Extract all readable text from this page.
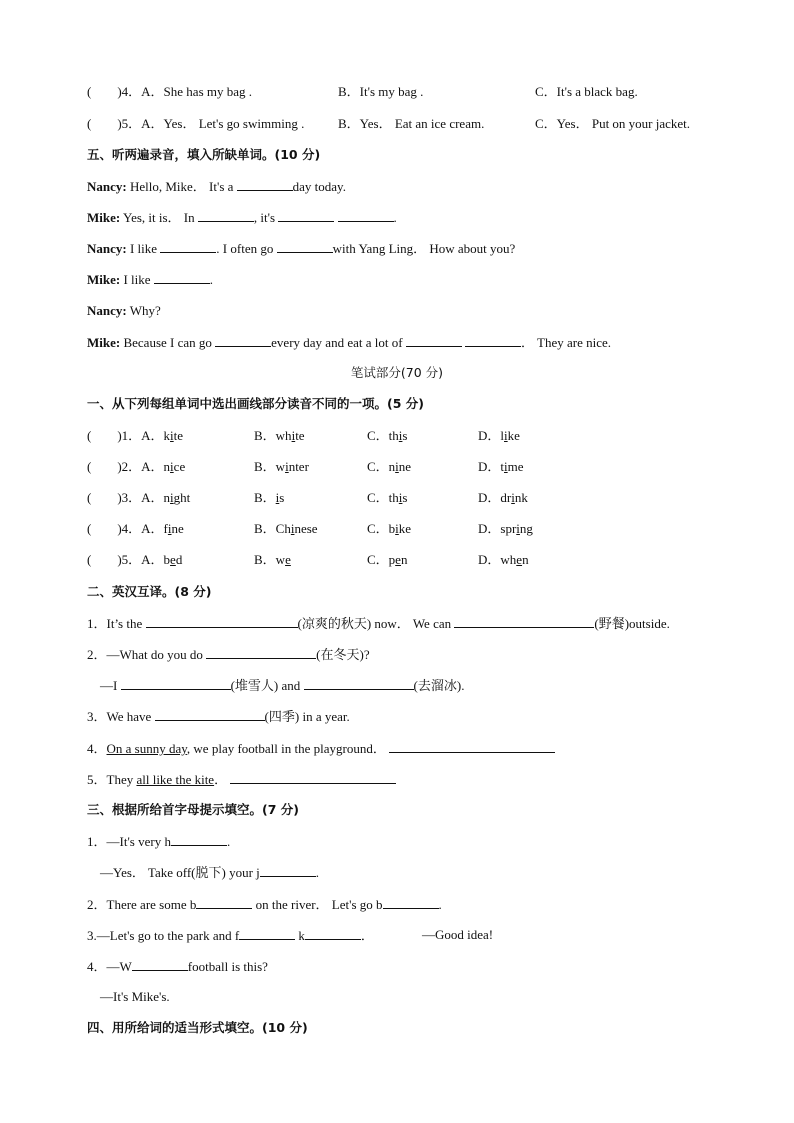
(　　)4．A．She has my bag .	B．It's my bag .	C．It's a black bag.
(　　)5．A．Yes． Let's go swimming .	B．Yes． Eat an ice cream.	C．Yes． Put on your jacket.
五、听两遍录音，填入所缺单词。(10 分)
Nancy: Hello, Mike． It's a	day today.
Mike: Yes, it is． In	, it's	.
Nancy: I like	. I often go	with Yang Ling． How about you?
Mike: I like	.
Nancy: Why?
Mike: Because I can go	every day and eat a lot of	． They are nice.
笔试部分(70 分)
一、从下列每组单词中选出画线部分读音不同的一项。(5 分)
(　　)1．A．kite	B．white	C．this	D．like
(　　)2．A．nice	B．winter	C．nine	D．time
(　　)3．A．night	B．is	C．this	D．drink
(　　)4．A．fine	B．Chinese	C．bike	D．spring
(　　)5．A．bed	B．we	C．pen	D．when
二、英汉互译。(8 分)
1．It’s the	(凉爽的秋天) now． We can	(野餐)outside.
2．—What do you do	(在冬天)?
—I	(堆雪人) and	(去溜冰).
3．We have	(四季) in a year.
4．On a sunny day, we play football in the playground．
5．They all like the kite．
三、根据所给首字母提示填空。(7 分)
1．—It's very h	.
—Yes． Take off(脱下) your j	.
2．There are some b	on the river． Let's go b	.
3.—Let's go to the park and f	k	．	—Good idea!
4．—W	football is this?
—It's Mike's.
四、用所给词的适当形式填空。(10 分)
